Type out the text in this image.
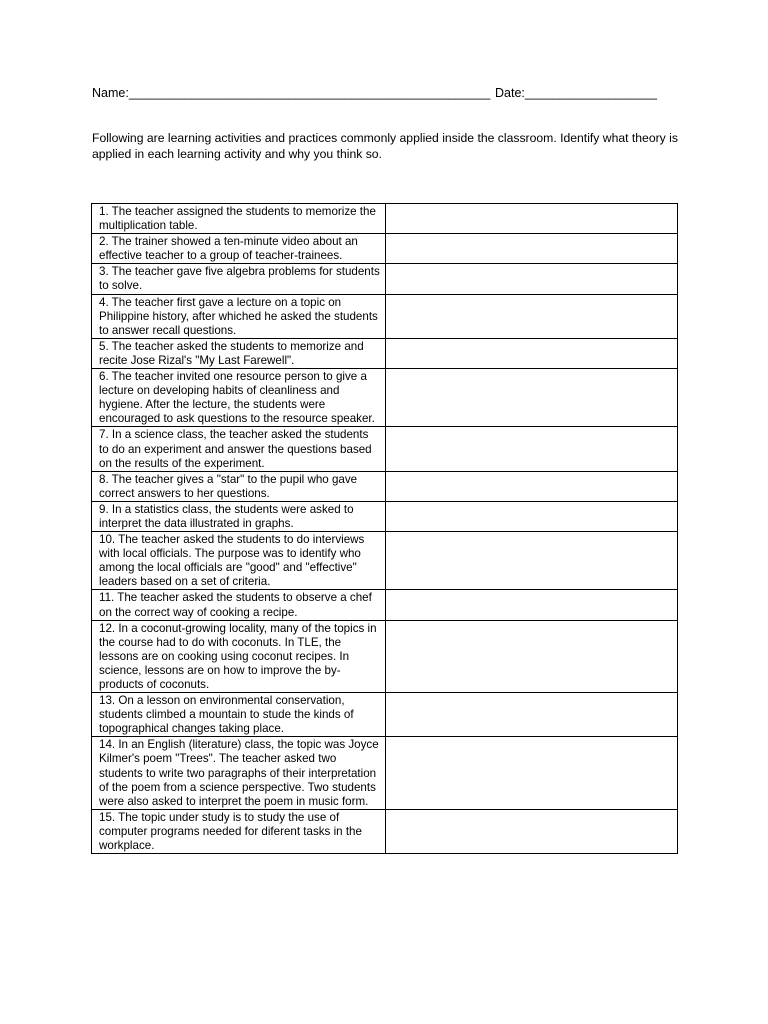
Name:____________________________________________________ Date:___________________
Following are learning activities and practices commonly applied inside the classroom. Identify what theory is applied in each learning activity and why you think so.
1. The teacher assigned the students to memorize the multiplication table.	
2. The trainer showed a ten-minute video about an effective teacher to a group of teacher-trainees.	
3. The teacher gave five algebra problems for students to solve.	
4. The teacher first gave a lecture on a topic on Philippine history, after whiched he asked the students to answer recall questions.	
5. The teacher asked the students to memorize and recite Jose Rizal's "My Last Farewell".	
6. The teacher invited one resource person to give a lecture on developing habits of cleanliness and hygiene. After the lecture, the students were encouraged to ask questions to the resource speaker.	
7. In a science class, the teacher asked the students to do an experiment and answer the questions based on the results of the experiment.	
8. The teacher gives a "star" to the pupil who gave correct answers to her questions.	
9. In a statistics class, the students were asked to interpret the data illustrated in graphs.	
10. The teacher asked the students to do interviews with local officials. The purpose was to identify who among the local officials are "good" and "effective" leaders based on a set of criteria.	
11. The teacher asked the students to observe a chef on the correct way of cooking a recipe.	
12. In a coconut-growing locality, many of the topics in the course had to do with coconuts. In TLE, the lessons are on cooking using coconut recipes. In science, lessons are on how to improve the by-products of coconuts.	
13. On a lesson on environmental conservation, students climbed a mountain to stude the kinds of topographical changes taking place.	
14. In an English (literature) class, the topic was Joyce Kilmer's poem "Trees". The teacher asked two students to write two paragraphs of their interpretation of the poem from a science perspective. Two students were also asked to interpret the poem in music form.	
15. The topic under study is to study the use of computer programs needed for diferent tasks in the workplace.	
